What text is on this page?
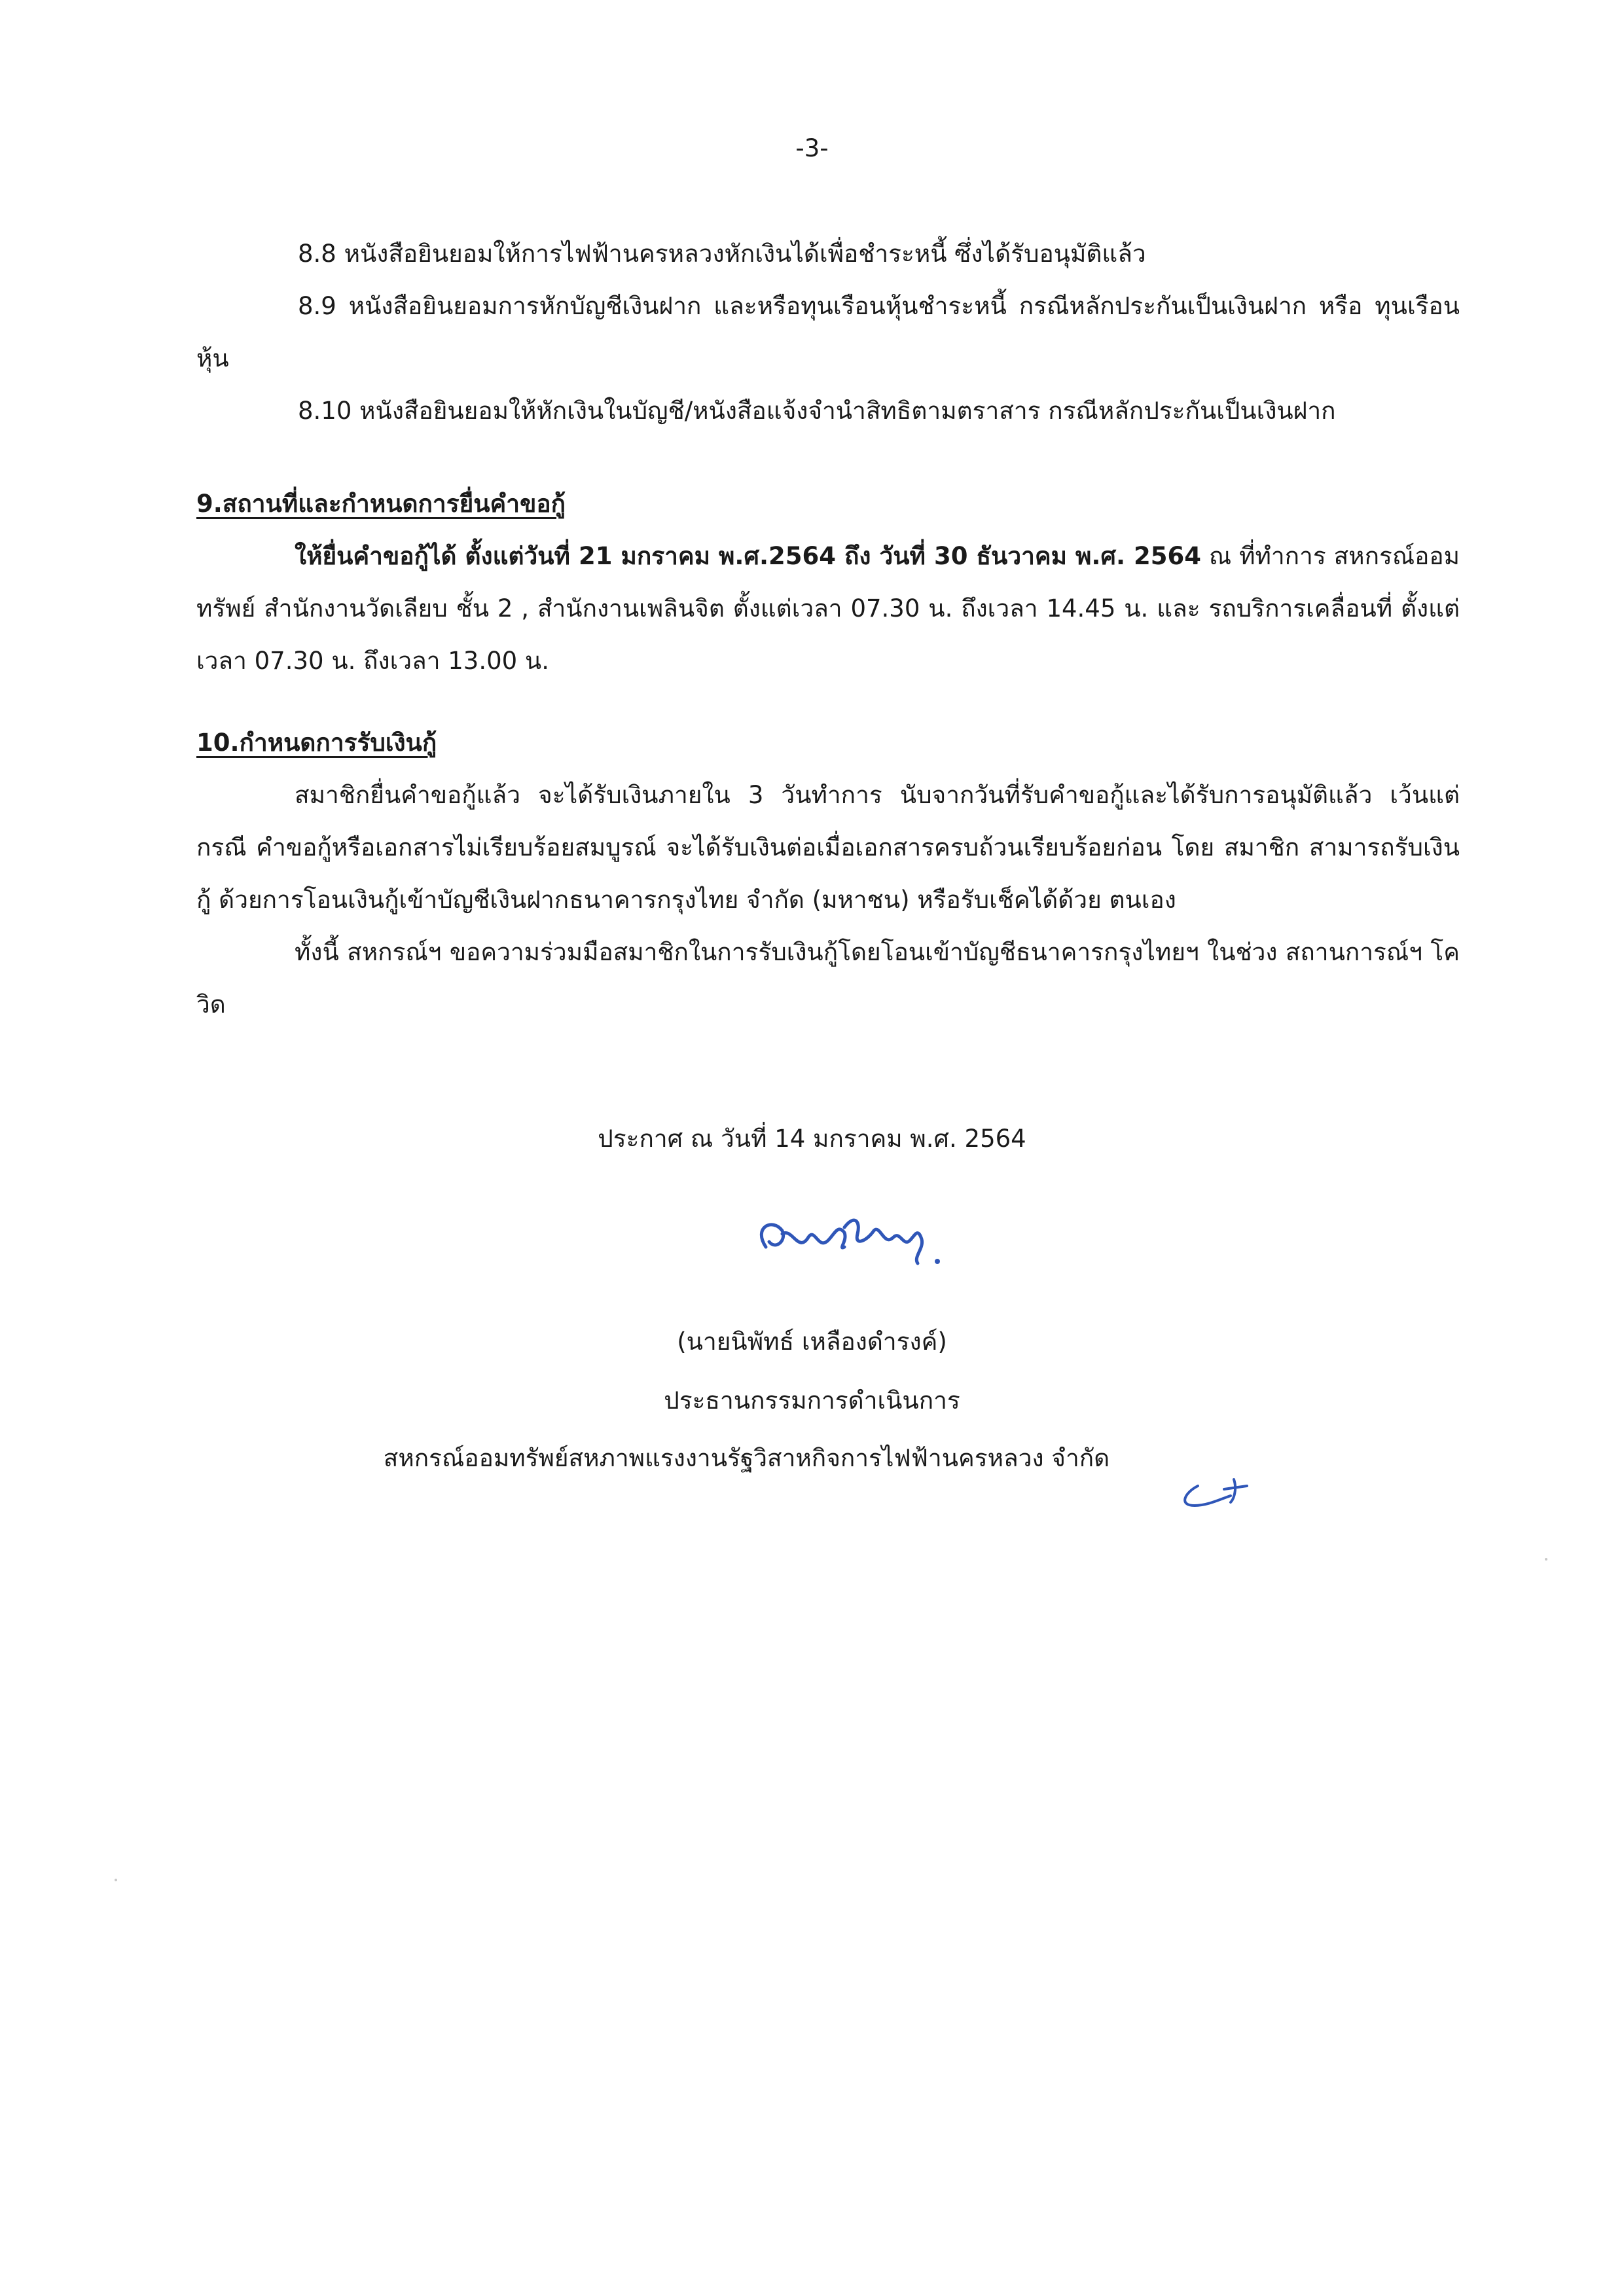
-3-

8.8 หนังสือยินยอมให้การไฟฟ้านครหลวงหักเงินได้เพื่อชำระหนี้ ซึ่งได้รับอนุมัติแล้ว

8.9 หนังสือยินยอมการหักบัญชีเงินฝาก และหรือทุนเรือนหุ้นชำระหนี้ กรณีหลักประกันเป็นเงินฝาก หรือ ทุนเรือนหุ้น

8.10 หนังสือยินยอมให้หักเงินในบัญชี/หนังสือแจ้งจำนำสิทธิตามตราสาร กรณีหลักประกันเป็นเงินฝาก

9.สถานที่และกำหนดการยื่นคำขอกู้

ให้ยื่นคำขอกู้ได้ ตั้งแต่วันที่ 21 มกราคม พ.ศ.2564 ถึง วันที่ 30 ธันวาคม พ.ศ. 2564 ณ ที่ทำการ สหกรณ์ออมทรัพย์ สำนักงานวัดเลียบ ชั้น 2 , สำนักงานเพลินจิต ตั้งแต่เวลา 07.30 น. ถึงเวลา 14.45 น. และ รถบริการเคลื่อนที่ ตั้งแต่เวลา 07.30 น. ถึงเวลา 13.00 น.

10.กำหนดการรับเงินกู้

สมาชิกยื่นคำขอกู้แล้ว จะได้รับเงินภายใน 3 วันทำการ นับจากวันที่รับคำขอกู้และได้รับการอนุมัติแล้ว เว้นแต่กรณี คำขอกู้หรือเอกสารไม่เรียบร้อยสมบูรณ์ จะได้รับเงินต่อเมื่อเอกสารครบถ้วนเรียบร้อยก่อน โดย สมาชิก สามารถรับเงินกู้ ด้วยการโอนเงินกู้เข้าบัญชีเงินฝากธนาคารกรุงไทย จำกัด (มหาชน) หรือรับเช็คได้ด้วย ตนเอง

ทั้งนี้ สหกรณ์ฯ ขอความร่วมมือสมาชิกในการรับเงินกู้โดยโอนเข้าบัญชีธนาคารกรุงไทยฯ ในช่วง สถานการณ์ฯ โควิด

ประกาศ ณ วันที่ 14 มกราคม พ.ศ. 2564
(นายนิพัทธ์ เหลืองดำรงค์)
ประธานกรรมการดำเนินการ
สหกรณ์ออมทรัพย์สหภาพแรงงานรัฐวิสาหกิจการไฟฟ้านครหลวง จำกัด
